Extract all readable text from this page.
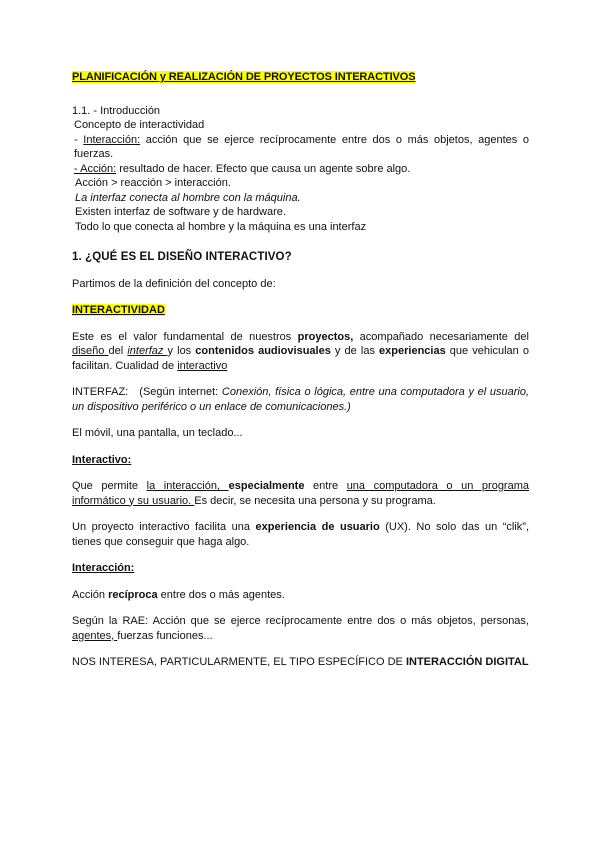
PLANIFICACIÓN y REALIZACIÓN DE PROYECTOS INTERACTIVOS
1.1. - Introducción
Concepto de interactividad
- Interacción: acción que se ejerce recíprocamente entre dos o más objetos, agentes o fuerzas.
- Acción: resultado de hacer. Efecto que causa un agente sobre algo.
Acción > reacción > interacción.
La interfaz conecta al hombre con la máquina.
Existen interfaz de software y de hardware.
Todo lo que conecta al hombre y la máquina es una interfaz
1. ¿QUÉ ES EL DISEÑO INTERACTIVO?
Partimos de la definición del concepto de:
INTERACTIVIDAD
Este es el valor fundamental de nuestros proyectos, acompañado necesariamente del diseño del interfaz y los contenidos audiovisuales y de las experiencias que vehiculan o facilitan. Cualidad de interactivo
INTERFAZ:   (Según internet: Conexión, física o lógica, entre una computadora y el usuario, un dispositivo periférico o un enlace de comunicaciones.)
El móvil, una pantalla, un teclado...
Interactivo:
Que permite la interacción, especialmente entre una computadora o un programa informático y su usuario. Es decir, se necesita una persona y su programa.
Un proyecto interactivo facilita una experiencia de usuario (UX). No solo das un “clik”, tienes que conseguir que haga algo.
Interacción:
Acción recíproca entre dos o más agentes.
Según la RAE: Acción que se ejerce recíprocamente entre dos o más objetos, personas, agentes, fuerzas funciones...
NOS INTERESA, PARTICULARMENTE, EL TIPO ESPECÍFICO DE INTERACCIÓN DIGITAL
